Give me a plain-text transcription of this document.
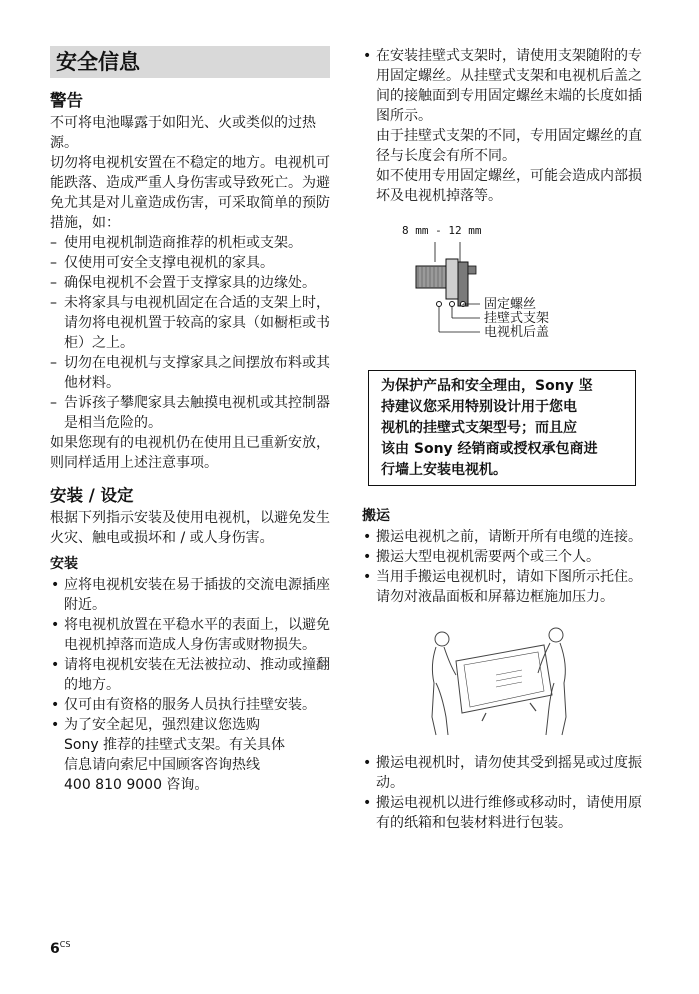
安全信息
警告

不可将电池曝露于如阳光、火或类似的过热源。

切勿将电视机安置在不稳定的地方。电视机可能跌落、造成严重人身伤害或导致死亡。为避免尤其是对儿童造成伤害，可采取简单的预防措施，如：

– 使用电视机制造商推荐的机柜或支架。

– 仅使用可安全支撑电视机的家具。

– 确保电视机不会置于支撑家具的边缘处。

– 未将家具与电视机固定在合适的支架上时，请勿将电视机置于较高的家具（如橱柜或书柜）之上。

– 切勿在电视机与支撑家具之间摆放布料或其他材料。

– 告诉孩子攀爬家具去触摸电视机或其控制器是相当危险的。

如果您现有的电视机仍在使用且已重新安放，则同样适用上述注意事项。

安装 / 设定

根据下列指示安装及使用电视机，以避免发生火灾、触电或损坏和 / 或人身伤害。

安装

• 应将电视机安装在易于插拔的交流电源插座附近。

• 将电视机放置在平稳水平的表面上，以避免电视机掉落而造成人身伤害或财物损失。

• 请将电视机安装在无法被拉动、推动或撞翻的地方。

• 仅可由有资格的服务人员执行挂壁安装。

• 为了安全起见，强烈建议您选购
Sony 推荐的挂壁式支架。有关具体
信息请向索尼中国顾客咨询热线
400 810 9000 咨询。

• 在安装挂壁式支架时，请使用支架随附的专用固定螺丝。从挂壁式支架和电视机后盖之间的接触面到专用固定螺丝末端的长度如插图所示。

由于挂壁式支架的不同，专用固定螺丝的直径与长度会有所不同。

如不使用专用固定螺丝，可能会造成内部损坏及电视机掉落等。

8 mm - 12 mm
固定螺丝
挂壁式支架
电视机后盖

为保护产品和安全理由，Sony 坚

持建议您采用特别设计用于您电

视机的挂壁式支架型号；而且应

该由 Sony 经销商或授权承包商进

行墙上安装电视机。

搬运

• 搬运电视机之前，请断开所有电缆的连接。

• 搬运大型电视机需要两个或三个人。

• 当用手搬运电视机时，请如下图所示托住。请勿对液晶面板和屏幕边框施加压力。

• 搬运电视机时，请勿使其受到摇晃或过度振动。

• 搬运电视机以进行维修或移动时，请使用原有的纸箱和包装材料进行包装。

$6^{CS}$
